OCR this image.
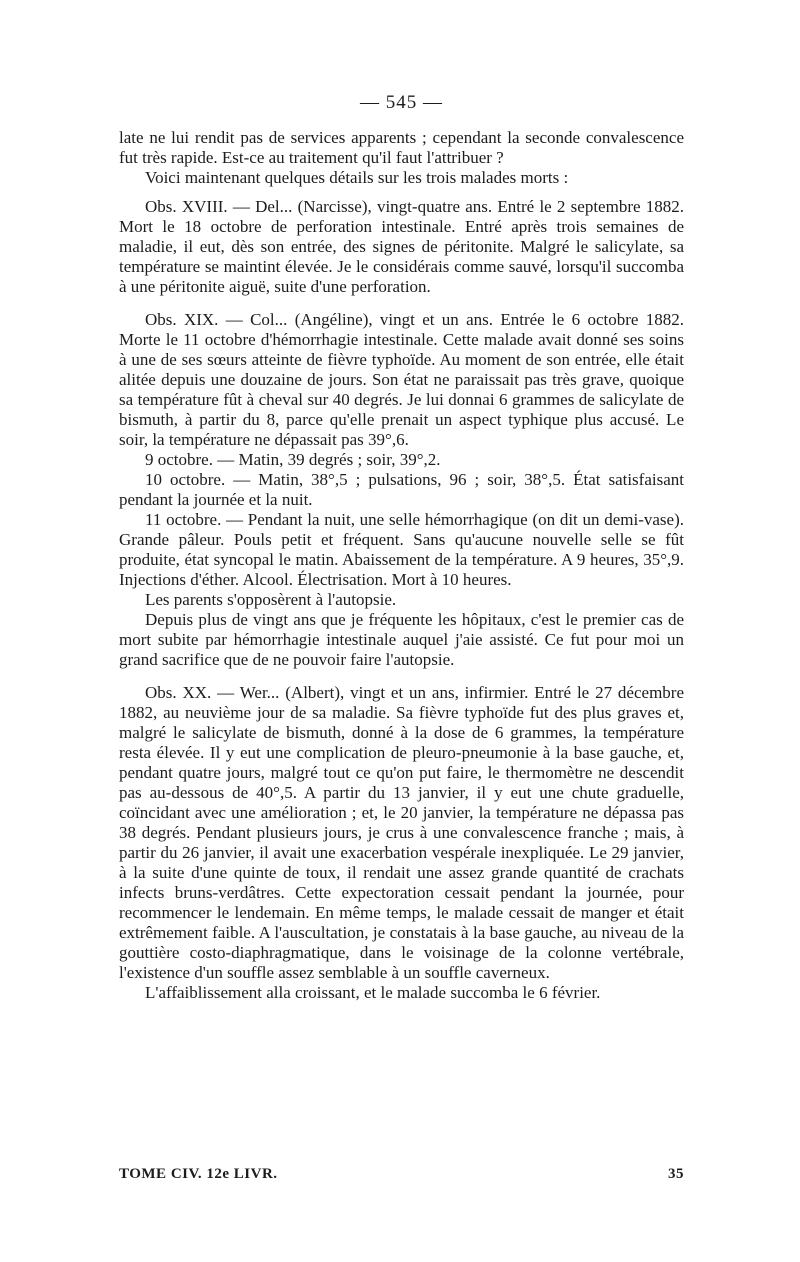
— 545 —

late ne lui rendit pas de services apparents ; cependant la seconde convalescence fut très rapide. Est-ce au traitement qu'il faut l'attribuer ?

Voici maintenant quelques détails sur les trois malades morts :

Obs. XVIII. — Del... (Narcisse), vingt-quatre ans. Entré le 2 septembre 1882. Mort le 18 octobre de perforation intestinale. Entré après trois semaines de maladie, il eut, dès son entrée, des signes de péritonite. Malgré le salicylate, sa température se maintint élevée. Je le considérais comme sauvé, lorsqu'il succomba à une péritonite aiguë, suite d'une perforation.

Obs. XIX. — Col... (Angéline), vingt et un ans. Entrée le 6 octobre 1882. Morte le 11 octobre d'hémorrhagie intestinale. Cette malade avait donné ses soins à une de ses sœurs atteinte de fièvre typhoïde. Au moment de son entrée, elle était alitée depuis une douzaine de jours. Son état ne paraissait pas très grave, quoique sa température fût à cheval sur 40 degrés. Je lui donnai 6 grammes de salicylate de bismuth, à partir du 8, parce qu'elle prenait un aspect typhique plus accusé. Le soir, la température ne dépassait pas 39°,6.

9 octobre. — Matin, 39 degrés ; soir, 39°,2.

10 octobre. — Matin, 38°,5 ; pulsations, 96 ; soir, 38°,5. État satisfaisant pendant la journée et la nuit.

11 octobre. — Pendant la nuit, une selle hémorrhagique (on dit un demi-vase). Grande pâleur. Pouls petit et fréquent. Sans qu'aucune nouvelle selle se fût produite, état syncopal le matin. Abaissement de la température. A 9 heures, 35°,9. Injections d'éther. Alcool. Électrisation. Mort à 10 heures.

Les parents s'opposèrent à l'autopsie.

Depuis plus de vingt ans que je fréquente les hôpitaux, c'est le premier cas de mort subite par hémorrhagie intestinale auquel j'aie assisté. Ce fut pour moi un grand sacrifice que de ne pouvoir faire l'autopsie.

Obs. XX. — Wer... (Albert), vingt et un ans, infirmier. Entré le 27 décembre 1882, au neuvième jour de sa maladie. Sa fièvre typhoïde fut des plus graves et, malgré le salicylate de bismuth, donné à la dose de 6 grammes, la température resta élevée. Il y eut une complication de pleuro-pneumonie à la base gauche, et, pendant quatre jours, malgré tout ce qu'on put faire, le thermomètre ne descendit pas au-dessous de 40°,5. A partir du 13 janvier, il y eut une chute graduelle, coïncidant avec une amélioration ; et, le 20 janvier, la température ne dépassa pas 38 degrés. Pendant plusieurs jours, je crus à une convalescence franche ; mais, à partir du 26 janvier, il avait une exacerbation vespérale inexpliquée. Le 29 janvier, à la suite d'une quinte de toux, il rendait une assez grande quantité de crachats infects bruns-verdâtres. Cette expectoration cessait pendant la journée, pour recommencer le lendemain. En même temps, le malade cessait de manger et était extrêmement faible. A l'auscultation, je constatais à la base gauche, au niveau de la gouttière costo-diaphragmatique, dans le voisinage de la colonne vertébrale, l'existence d'un souffle assez semblable à un souffle caverneux.

L'affaiblissement alla croissant, et le malade succomba le 6 février.

TOME CIV. 12e LIVR.	35
